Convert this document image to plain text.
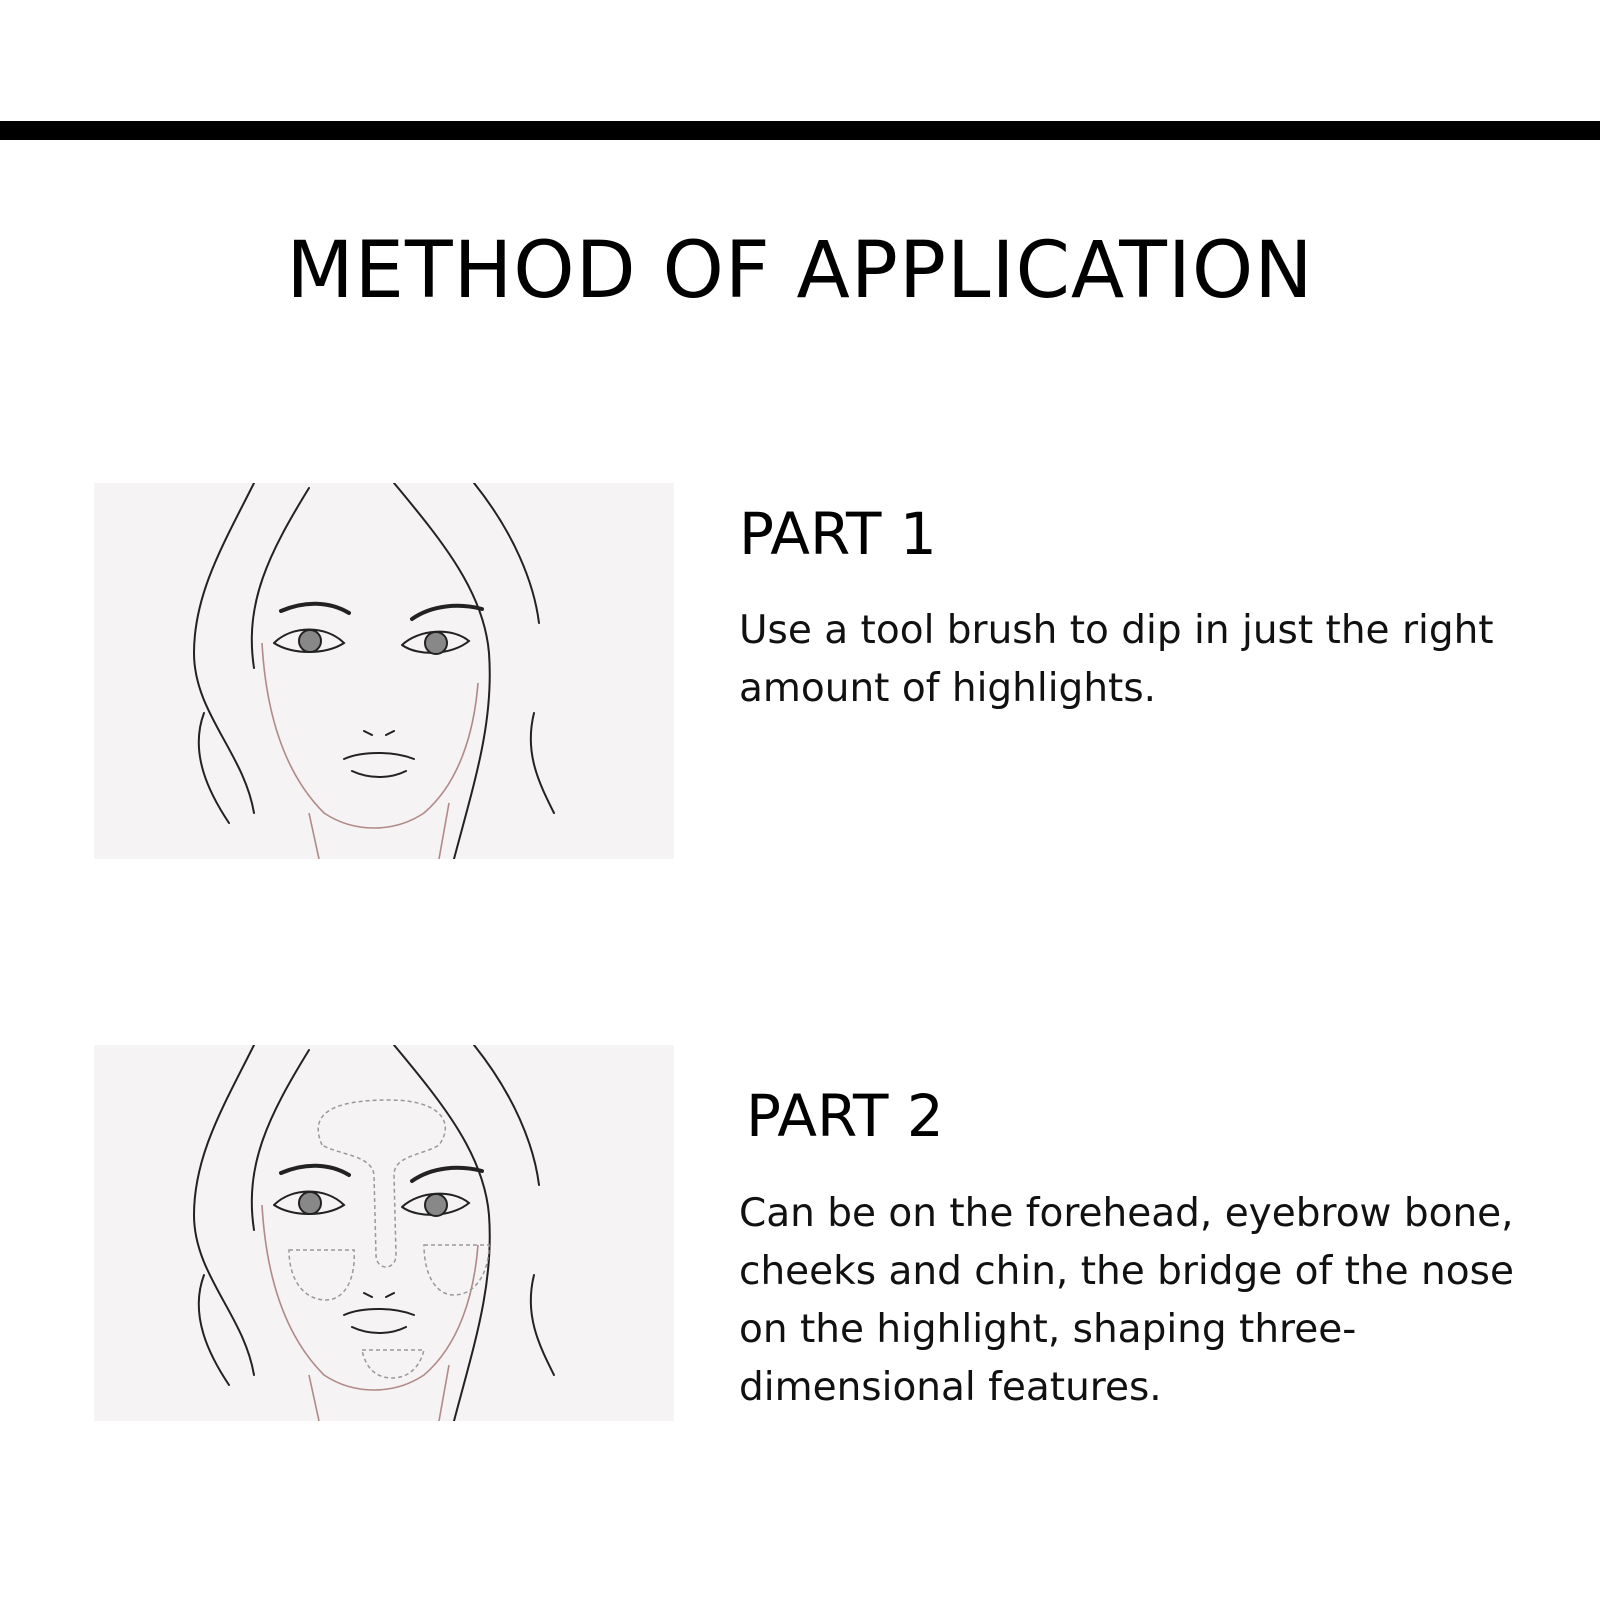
METHOD OF APPLICATION
PART 1
Use a tool brush to dip in just the right amount of highlights.
PART 2
Can be on the forehead, eyebrow bone, cheeks and chin, the bridge of the nose on the highlight, shaping three-dimensional features.
